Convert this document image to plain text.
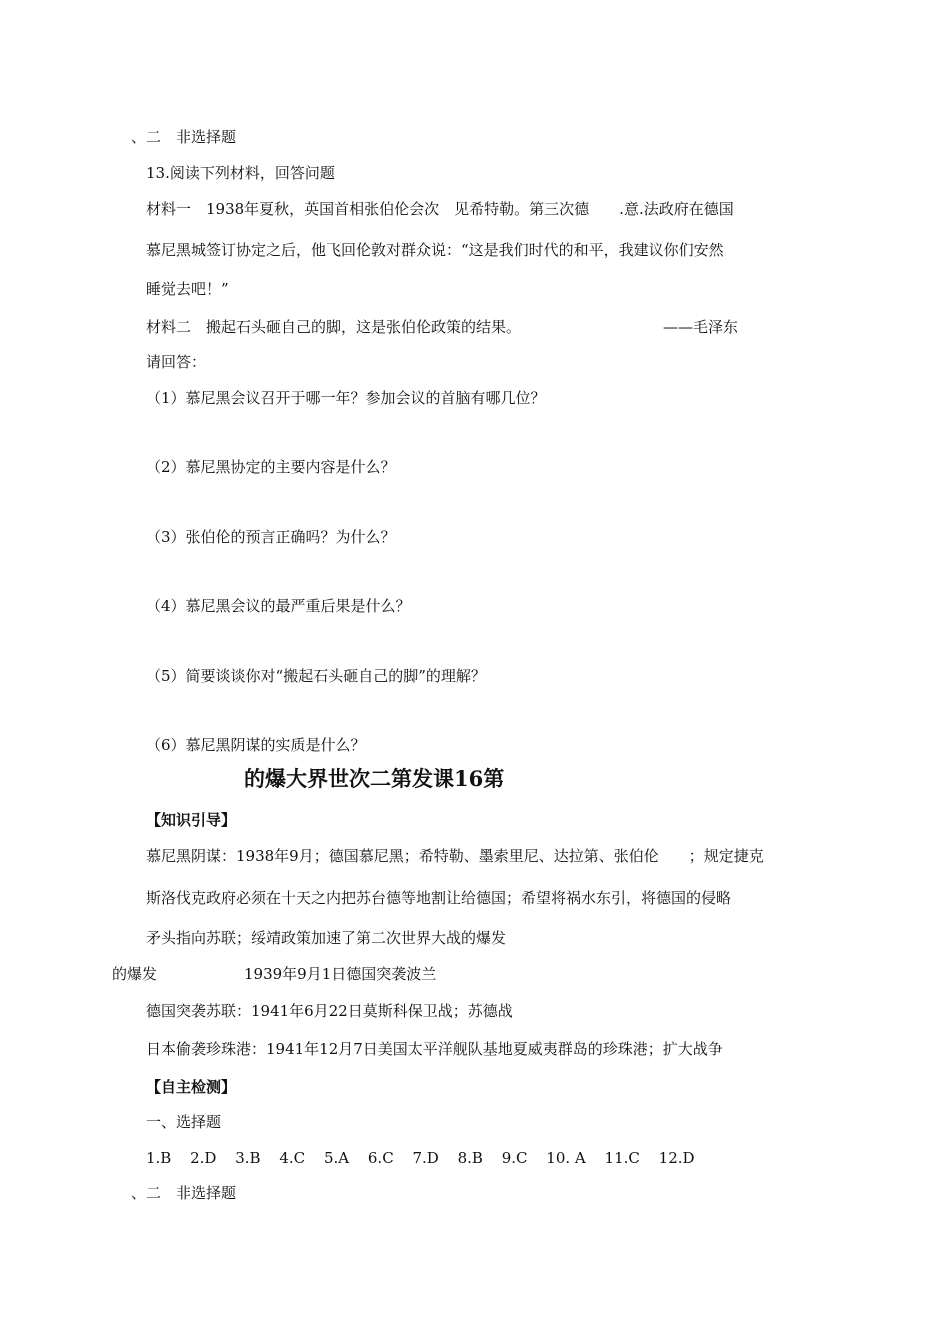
、二　非选择题
13.阅读下列材料，回答问题
材料一　1938年夏秋，英国首相张伯伦会次　见希特勒。第三次德　　.意.法政府在德国
慕尼黑城签订协定之后，他飞回伦敦对群众说：“这是我们时代的和平，我建议你们安然
睡觉去吧！”
材料二　搬起石头砸自己的脚，这是张伯伦政策的结果。	——毛泽东
请回答：
（1）慕尼黑会议召开于哪一年？参加会议的首脑有哪几位？
（2）慕尼黑协定的主要内容是什么？
（3）张伯伦的预言正确吗？为什么？
（4）慕尼黑会议的最严重后果是什么？
（5）简要谈谈你对“搬起石头砸自己的脚”的理解？
（6）慕尼黑阴谋的实质是什么？
的爆大界世次二第发课16第
【知识引导】
慕尼黑阴谋：1938年9月；德国慕尼黑；希特勒、墨索里尼、达拉第、张伯伦　　；规定捷克
斯洛伐克政府必须在十天之内把苏台德等地割让给德国；希望将祸水东引，将德国的侵略
矛头指向苏联；绥靖政策加速了第二次世界大战的爆发
的爆发	1939年9月1日德国突袭波兰
德国突袭苏联：1941年6月22日莫斯科保卫战；苏德战
日本偷袭珍珠港：1941年12月7日美国太平洋舰队基地夏威夷群岛的珍珠港；扩大战争
【自主检测】
一、选择题
1.B 2.D 3.B 4.C 5.A 6.C 7.D 8.B 9.C 10. A 11.C 12.D
、二　非选择题
